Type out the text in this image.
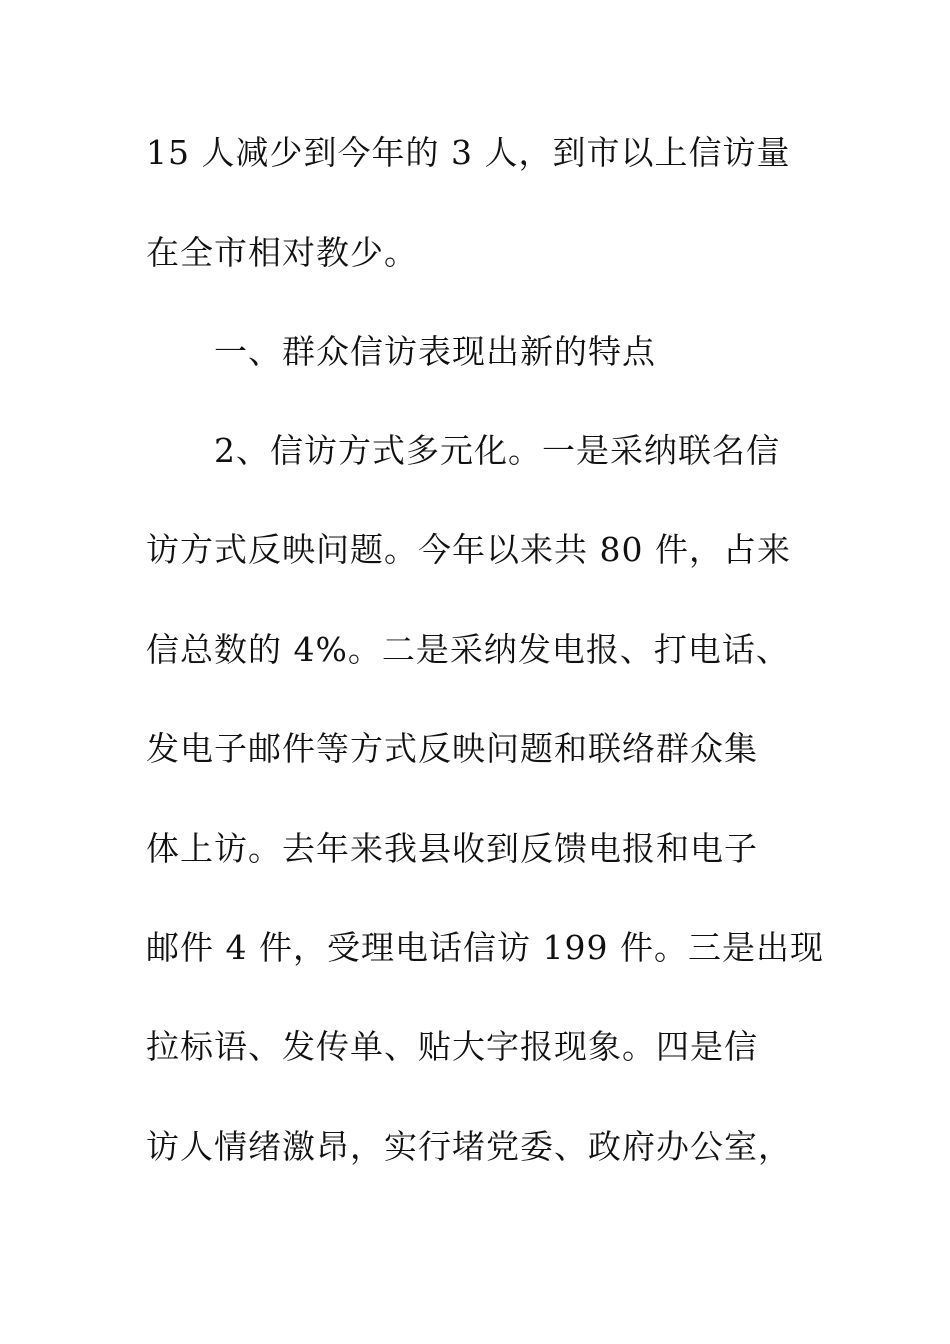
15 人减少到今年的 3 人，到市以上信访量
在全市相对教少。
一、群众信访表现出新的特点
2、信访方式多元化。一是采纳联名信
访方式反映问题。今年以来共 80 件，占来
信总数的 4%。二是采纳发电报、打电话、
发电子邮件等方式反映问题和联络群众集
体上访。去年来我县收到反馈电报和电子
邮件 4 件，受理电话信访 199 件。三是出现
拉标语、发传单、贴大字报现象。四是信
访人情绪激昂，实行堵党委、政府办公室，
